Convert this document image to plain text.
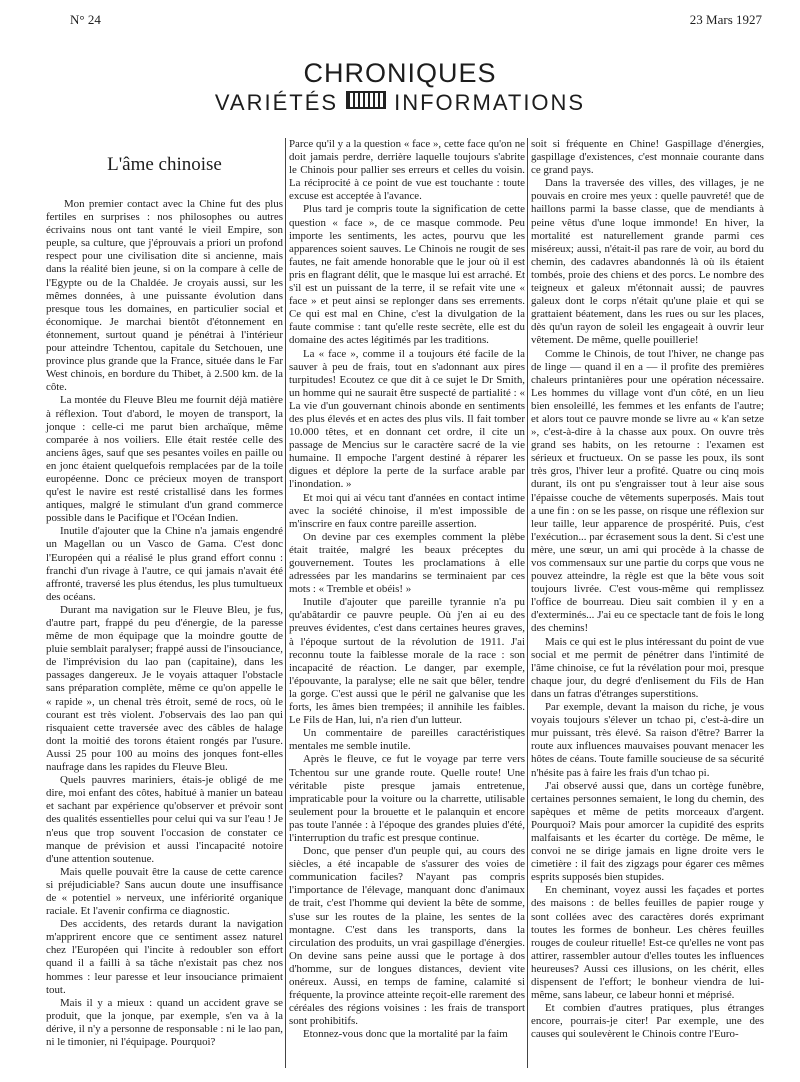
N° 24	23 Mars 1927
CHRONIQUES
VARIÉTÉS	INFORMATIONS
L'âme chinoise

Mon premier contact avec la Chine fut des plus fertiles en surprises : nos philosophes ou autres écrivains nous ont tant vanté le vieil Empire, son peuple, sa culture, que j'éprouvais a priori un profond respect pour une civilisation dite si ancienne, mais dans la réalité bien jeune, si on la compare à celle de l'Egypte ou de la Chaldée. Je croyais aussi, sur les mêmes données, à une puissante évolution dans presque tous les domaines, en particulier social et économique. Je marchai bientôt d'étonnement en étonnement, surtout quand je pénétrai à l'intérieur pour atteindre Tchentou, capitale du Setchouen, une province plus grande que la France, située dans le Far West chinois, en bordure du Thibet, à 2.500 km. de la côte.

La montée du Fleuve Bleu me fournit déjà matière à réflexion. Tout d'abord, le moyen de transport, la jonque : celle-ci me parut bien archaïque, même comparée à nos voiliers. Elle était restée celle des anciens âges, sauf que ses pesantes voiles en paille ou en jonc étaient quelquefois remplacées par de la toile européenne. Donc ce précieux moyen de transport qu'est le navire est resté cristallisé dans les formes antiques, malgré le stimulant d'un grand commerce possible dans le Pacifique et l'Océan Indien.

Inutile d'ajouter que la Chine n'a jamais engendré un Magellan ou un Vasco de Gama. C'est donc l'Européen qui a réalisé le plus grand effort connu : franchi d'un rivage à l'autre, ce qui jamais n'avait été affronté, traversé les plus étendus, les plus tumultueux des océans.

Durant ma navigation sur le Fleuve Bleu, je fus, d'autre part, frappé du peu d'énergie, de la paresse même de mon équipage que la moindre goutte de pluie semblait paralyser; frappé aussi de l'insouciance, de l'imprévision du lao pan (capitaine), dans les passages dangereux. Je le voyais attaquer l'obstacle sans préparation complète, même ce qu'on appelle le « rapide », un chenal très étroit, semé de rocs, où le courant est très violent. J'observais des lao pan qui risquaient cette traversée avec des câbles de halage dont la moitié des torons étaient rongés par l'usure. Aussi 25 pour 100 au moins des jonques font-elles naufrage dans les rapides du Fleuve Bleu.

Quels pauvres mariniers, étais-je obligé de me dire, moi enfant des côtes, habitué à manier un bateau et sachant par expérience qu'observer et prévoir sont des qualités essentielles pour celui qui va sur l'eau ! Je n'eus que trop souvent l'occasion de constater ce manque de prévision et aussi l'incapacité notoire d'une attention soutenue.

Mais quelle pouvait être la cause de cette carence si préjudiciable? Sans aucun doute une insuffisance de « potentiel » nerveux, une infériorité organique raciale. Et l'avenir confirma ce diagnostic.

Des accidents, des retards durant la navigation m'apprirent encore que ce sentiment assez naturel chez l'Européen qui l'incite à redoubler son effort quand il a failli à sa tâche n'existait pas chez nos hommes : leur paresse et leur insouciance primaient tout.

Mais il y a mieux : quand un accident grave se produit, que la jonque, par exemple, s'en va à la dérive, il n'y a personne de responsable : ni le lao pan, ni le timonier, ni l'équipage. Pourquoi?

Parce qu'il y a la question « face », cette face qu'on ne doit jamais perdre, derrière laquelle toujours s'abrite le Chinois pour pallier ses erreurs et celles du voisin. La réciprocité à ce point de vue est touchante : toute excuse est acceptée à l'avance.

Plus tard je compris toute la signification de cette question « face », de ce masque commode. Peu importe les sentiments, les actes, pourvu que les apparences soient sauves. Le Chinois ne rougit de ses fautes, ne fait amende honorable que le jour où il est pris en flagrant délit, que le masque lui est arraché. Et s'il est un puissant de la terre, il se refait vite une « face » et peut ainsi se replonger dans ses errements. Ce qui est mal en Chine, c'est la divulgation de la faute commise : tant qu'elle reste secrète, elle est du domaine des actes légitimés par les traditions.

La « face », comme il a toujours été facile de la sauver à peu de frais, tout en s'adonnant aux pires turpitudes! Ecoutez ce que dit à ce sujet le Dr Smith, un homme qui ne saurait être suspecté de partialité : « La vie d'un gouvernant chinois abonde en sentiments des plus élevés et en actes des plus vils. Il fait tomber 10.000 têtes, et en donnant cet ordre, il cite un passage de Mencius sur le caractère sacré de la vie humaine. Il empoche l'argent destiné à réparer les digues et déplore la perte de la surface arable par l'inondation. »

Et moi qui ai vécu tant d'années en contact intime avec la société chinoise, il m'est impossible de m'inscrire en faux contre pareille assertion.

On devine par ces exemples comment la plèbe était traitée, malgré les beaux préceptes du gouvernement. Toutes les proclamations à elle adressées par les mandarins se terminaient par ces mots : « Tremble et obéis! »

Inutile d'ajouter que pareille tyrannie n'a pu qu'abâtardir ce pauvre peuple. Où j'en ai eu des preuves évidentes, c'est dans certaines heures graves, à l'époque surtout de la révolution de 1911. J'ai reconnu toute la faiblesse morale de la race : son incapacité de réaction. Le danger, par exemple, l'épouvante, la paralyse; elle ne sait que bêler, tendre la gorge. C'est aussi que le péril ne galvanise que les forts, les âmes bien trempées; il annihile les faibles. Le Fils de Han, lui, n'a rien d'un lutteur.

Un commentaire de pareilles caractéristiques mentales me semble inutile.

Après le fleuve, ce fut le voyage par terre vers Tchentou sur une grande route. Quelle route! Une véritable piste presque jamais entretenue, impraticable pour la voiture ou la charrette, utilisable seulement pour la brouette et le palanquin et encore pas toute l'année : à l'époque des grandes pluies d'été, l'interruption du trafic est presque continue.

Donc, que penser d'un peuple qui, au cours des siècles, a été incapable de s'assurer des voies de communication faciles? N'ayant pas compris l'importance de l'élevage, manquant donc d'animaux de trait, c'est l'homme qui devient la bête de somme, s'use sur les routes de la plaine, les sentes de la montagne. C'est dans les transports, dans la circulation des produits, un vrai gaspillage d'énergies. On devine sans peine aussi que le portage à dos d'homme, sur de longues distances, devient vite onéreux. Aussi, en temps de famine, calamité si fréquente, la province atteinte reçoit-elle rarement des céréales des régions voisines : les frais de transport sont prohibitifs.

Etonnez-vous donc que la mortalité par la faim

soit si fréquente en Chine! Gaspillage d'énergies, gaspillage d'existences, c'est monnaie courante dans ce grand pays.

Dans la traversée des villes, des villages, je ne pouvais en croire mes yeux : quelle pauvreté! que de haillons parmi la basse classe, que de mendiants à peine vêtus d'une loque immonde! En hiver, la mortalité est naturellement grande parmi ces miséreux; aussi, n'était-il pas rare de voir, au bord du chemin, des cadavres abandonnés là où ils étaient tombés, proie des chiens et des porcs. Le nombre des teigneux et galeux m'étonnait aussi; de pauvres galeux dont le corps n'était qu'une plaie et qui se grattaient béatement, dans les rues ou sur les places, dès qu'un rayon de soleil les engageait à ouvrir leur vêtement. De même, quelle pouillerie!

Comme le Chinois, de tout l'hiver, ne change pas de linge — quand il en a — il profite des premières chaleurs printanières pour une opération nécessaire. Les hommes du village vont d'un côté, en un lieu bien ensoleillé, les femmes et les enfants de l'autre; et alors tout ce pauvre monde se livre au « k'an setze », c'est-à-dire à la chasse aux poux. On ouvre très grand ses habits, on les retourne : l'examen est sérieux et fructueux. On se passe les poux, ils sont très gros, l'hiver leur a profité. Quatre ou cinq mois durant, ils ont pu s'engraisser tout à leur aise sous l'épaisse couche de vêtements superposés. Mais tout a une fin : on se les passe, on risque une réflexion sur leur taille, leur apparence de prospérité. Puis, c'est l'exécution... par écrasement sous la dent. Si c'est une mère, une sœur, un ami qui procède à la chasse de vos commensaux sur une partie du corps que vous ne pouvez atteindre, la règle est que la bête vous soit toujours livrée. C'est vous-même qui remplissez l'office de bourreau. Dieu sait combien il y en a d'exterminés... J'ai eu ce spectacle tant de fois le long des chemins!

Mais ce qui est le plus intéressant du point de vue social et me permit de pénétrer dans l'intimité de l'âme chinoise, ce fut la révélation pour moi, presque chaque jour, du degré d'enlisement du Fils de Han dans un fatras d'étranges superstitions.

Par exemple, devant la maison du riche, je vous voyais toujours s'élever un tchao pi, c'est-à-dire un mur puissant, très élevé. Sa raison d'être? Barrer la route aux influences mauvaises pouvant menacer les hôtes de céans. Toute famille soucieuse de sa sécurité n'hésite pas à faire les frais d'un tchao pi.

J'ai observé aussi que, dans un cortège funèbre, certaines personnes semaient, le long du chemin, des sapèques et même de petits morceaux d'argent. Pourquoi? Mais pour amorcer la cupidité des esprits malfaisants et les écarter du cortège. De même, le convoi ne se dirige jamais en ligne droite vers le cimetière : il fait des zigzags pour égarer ces mêmes esprits supposés bien stupides.

En cheminant, voyez aussi les façades et portes des maisons : de belles feuilles de papier rouge y sont collées avec des caractères dorés exprimant toutes les formes de bonheur. Les chères feuilles rouges de couleur rituelle! Est-ce qu'elles ne vont pas attirer, rassembler autour d'elles toutes les influences heureuses? Aussi ces illusions, on les chérit, elles dispensent de l'effort; le bonheur viendra de lui-même, sans labeur, ce labeur honni et méprisé.

Et combien d'autres pratiques, plus étranges encore, pourrais-je citer! Par exemple, une des causes qui soulevèrent le Chinois contre l'Euro-
